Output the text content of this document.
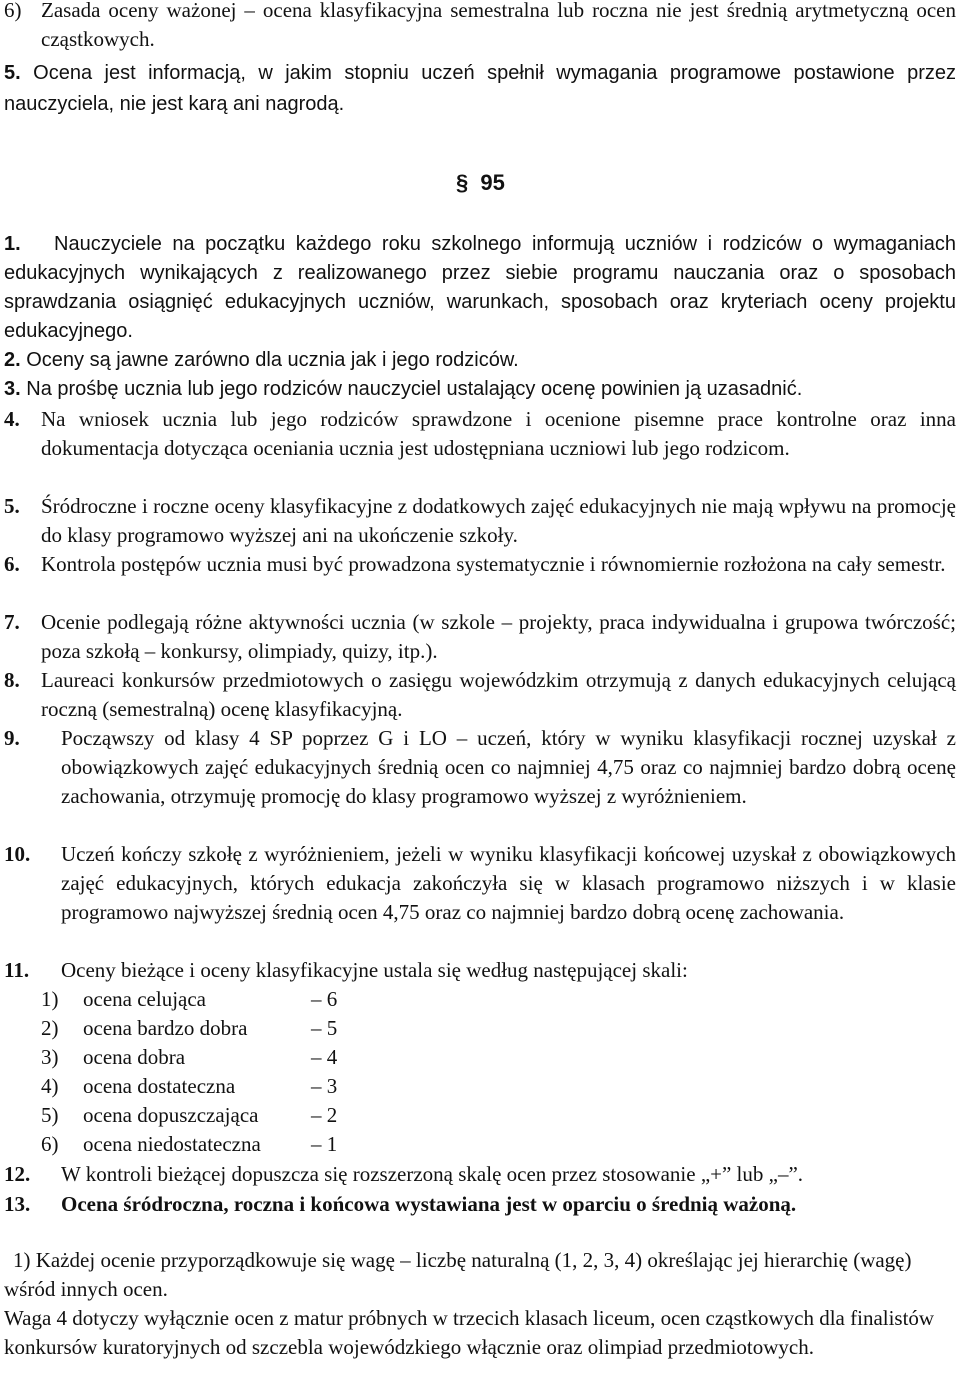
6) Zasada oceny ważonej – ocena klasyfikacyjna semestralna lub roczna nie jest średnią arytmetyczną ocen cząstkowych.
5. Ocena jest informacją, w jakim stopniu uczeń spełnił wymagania programowe postawione przez nauczyciela, nie jest karą ani nagrodą.
§ 95
1.	Nauczyciele na początku każdego roku szkolnego informują uczniów i rodziców o wymaganiach edukacyjnych wynikających z realizowanego przez siebie programu nauczania oraz o sposobach sprawdzania osiągnięć edukacyjnych uczniów, warunkach, sposobach oraz kryteriach oceny projektu edukacyjnego.
2. Oceny są jawne zarówno dla ucznia jak i jego rodziców.
3. Na prośbę ucznia lub jego rodziców nauczyciel ustalający ocenę powinien ją uzasadnić.
4.	Na wniosek ucznia lub jego rodziców sprawdzone i ocenione pisemne prace kontrolne oraz inna dokumentacja dotycząca oceniania ucznia jest udostępniana uczniowi lub jego rodzicom.
5.	Śródroczne i roczne oceny klasyfikacyjne z dodatkowych zajęć edukacyjnych nie mają wpływu na promocję do klasy programowo wyższej ani na ukończenie szkoły.
6.	Kontrola postępów ucznia musi być prowadzona systematycznie i równomiernie rozłożona na cały semestr.
7.	Ocenie podlegają różne aktywności ucznia (w szkole – projekty, praca indywidualna i grupowa twórczość; poza szkołą – konkursy, olimpiady, quizy, itp.).
8.	Laureaci konkursów przedmiotowych o zasięgu wojewódzkim otrzymują z danych edukacyjnych celującą roczną (semestralną) ocenę klasyfikacyjną.
9.	Począwszy od klasy 4 SP poprzez G i LO – uczeń, który w wyniku klasyfikacji rocznej uzyskał z obowiązkowych zajęć edukacyjnych średnią ocen co najmniej 4,75 oraz co najmniej bardzo dobrą ocenę zachowania, otrzymuję promocję do klasy programowo wyższej z wyróżnieniem.
10.	Uczeń kończy szkołę z wyróżnieniem, jeżeli w wyniku klasyfikacji końcowej uzyskał z obowiązkowych zajęć edukacyjnych, których edukacja zakończyła się w klasach programowo niższych i w klasie programowo najwyższej średnią ocen 4,75 oraz co najmniej bardzo dobrą ocenę zachowania.
11.	Oceny bieżące i oceny klasyfikacyjne ustala się według następującej skali:
1) ocena celująca	– 6
2) ocena bardzo dobra	– 5
3) ocena dobra	– 4
4) ocena dostateczna	– 3
5) ocena dopuszczająca	– 2
6) ocena niedostateczna – 1
12.	W kontroli bieżącej dopuszcza się rozszerzoną skalę ocen przez stosowanie „+” lub „–”.
13.	Ocena śródroczna, roczna i końcowa wystawiana jest w oparciu o średnią ważoną.
1) Każdej ocenie przyporządkowuje się wagę – liczbę naturalną (1, 2, 3, 4) określając jej hierarchię (wagę) wśród innych ocen.
Waga 4 dotyczy wyłącznie ocen z matur próbnych w trzecich klasach liceum, ocen cząstkowych dla finalistów konkursów kuratoryjnych od szczebla wojewódzkiego włącznie oraz olimpiad przedmiotowych.
